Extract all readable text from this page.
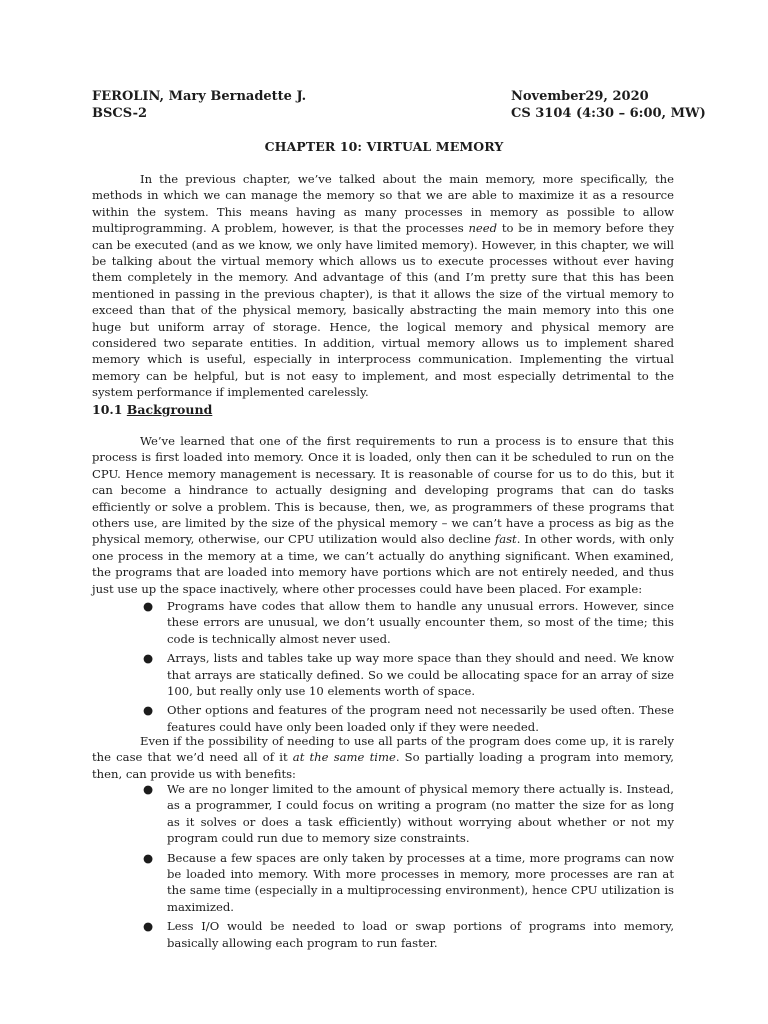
FEROLIN, Mary Bernadette J.
BSCS-2
November29, 2020
CS 3104 (4:30 – 6:00, MW)
CHAPTER 10: VIRTUAL MEMORY
In the previous chapter, we’ve talked about the main memory, more specifically, the methods in which we can manage the memory so that we are able to maximize it as a resource within the system. This means having as many processes in memory as possible to allow multiprogramming. A problem, however, is that the processes need to be in memory before they can be executed (and as we know, we only have limited memory). However, in this chapter, we will be talking about the virtual memory which allows us to execute processes without ever having them completely in the memory. And advantage of this (and I’m pretty sure that this has been mentioned in passing in the previous chapter), is that it allows the size of the virtual memory to exceed than that of the physical memory, basically abstracting the main memory into this one huge but uniform array of storage. Hence, the logical memory and physical memory are considered two separate entities. In addition, virtual memory allows us to implement shared memory which is useful, especially in interprocess communication. Implementing the virtual memory can be helpful, but is not easy to implement, and most especially detrimental to the system performance if implemented carelessly.
10.1 Background
We’ve learned that one of the first requirements to run a process is to ensure that this process is first loaded into memory. Once it is loaded, only then can it be scheduled to run on the CPU. Hence memory management is necessary. It is reasonable of course for us to do this, but it can become a hindrance to actually designing and developing programs that can do tasks efficiently or solve a problem. This is because, then, we, as programmers of these programs that others use, are limited by the size of the physical memory – we can’t have a process as big as the physical memory, otherwise, our CPU utilization would also decline fast. In other words, with only one process in the memory at a time, we can’t actually do anything significant. When examined, the programs that are loaded into memory have portions which are not entirely needed, and thus just use up the space inactively, where other processes could have been placed. For example:
● Programs have codes that allow them to handle any unusual errors. However, since these errors are unusual, we don’t usually encounter them, so most of the time; this code is technically almost never used.
● Arrays, lists and tables take up way more space than they should and need. We know that arrays are statically defined. So we could be allocating space for an array of size 100, but really only use 10 elements worth of space.
● Other options and features of the program need not necessarily be used often. These features could have only been loaded only if they were needed.
Even if the possibility of needing to use all parts of the program does come up, it is rarely the case that we’d need all of it at the same time. So partially loading a program into memory, then, can provide us with benefits:
● We are no longer limited to the amount of physical memory there actually is. Instead, as a programmer, I could focus on writing a program (no matter the size for as long as it solves or does a task efficiently) without worrying about whether or not my program could run due to memory size constraints.
● Because a few spaces are only taken by processes at a time, more programs can now be loaded into memory. With more processes in memory, more processes are ran at the same time (especially in a multiprocessing environment), hence CPU utilization is maximized.
● Less I/O would be needed to load or swap portions of programs into memory, basically allowing each program to run faster.
